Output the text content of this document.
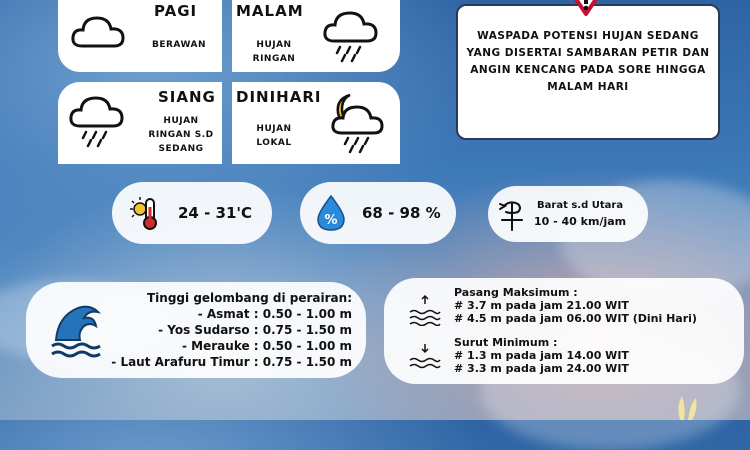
PAGI
BERAWAN
MALAM
HUJAN
RINGAN
SIANG
HUJAN
RINGAN S.D
SEDANG
DINIHARI
HUJAN
LOKAL
WASPADA POTENSI HUJAN SEDANG
YANG DISERTAI SAMBARAN PETIR DAN
ANGIN KENCANG PADA SORE HINGGA
MALAM HARI
24 - 31'C	% 68 - 98 %	Barat s.d Utara
10 - 40 km/jam
Tinggi gelombang di perairan:
- Asmat : 0.50 - 1.00 m
- Yos Sudarso : 0.75 - 1.50 m
- Merauke : 0.50 - 1.00 m
- Laut Arafuru Timur : 0.75 - 1.50 m
Pasang Maksimum :
# 3.7 m pada jam 21.00 WIT
# 4.5 m pada jam 06.00 WIT (Dini Hari)
Surut Minimum :
# 1.3 m pada jam 14.00 WIT
# 3.3 m pada jam 24.00 WIT
